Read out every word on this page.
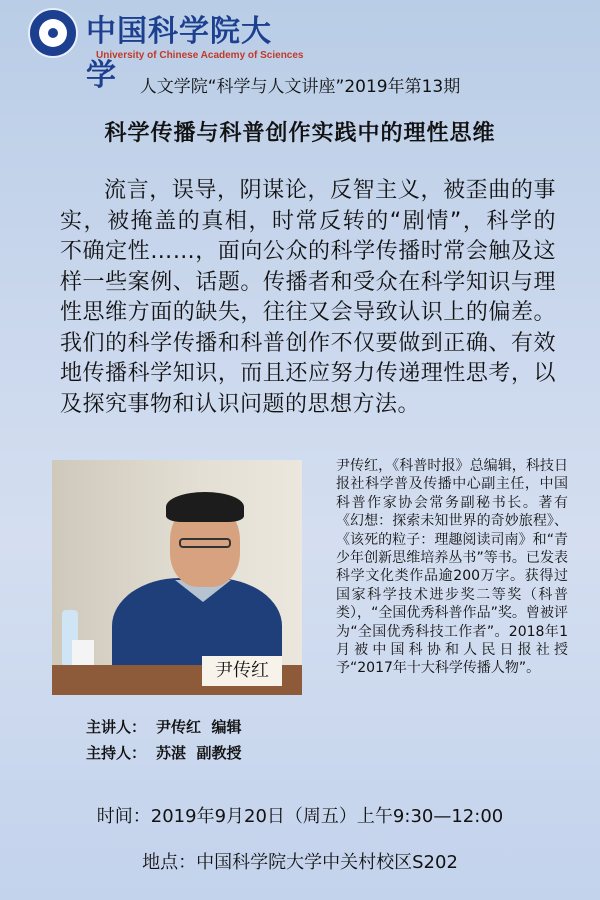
中国科学院大学
University of Chinese Academy of Sciences
人文学院“科学与人文讲座”2019年第13期
科学传播与科普创作实践中的理性思维
流言，误导，阴谋论，反智主义，被歪曲的事实，被掩盖的真相，时常反转的“剧情”，科学的不确定性……，面向公众的科学传播时常会触及这样一些案例、话题。传播者和受众在科学知识与理性思维方面的缺失，往往又会导致认识上的偏差。我们的科学传播和科普创作不仅要做到正确、有效地传播科学知识，而且还应努力传递理性思考，以及探究事物和认识问题的思想方法。
尹传红
尹传红，《科普时报》总编辑，科技日报社科学普及传播中心副主任，中国科普作家协会常务副秘书长。著有《幻想：探索未知世界的奇妙旅程》、《该死的粒子：理趣阅读司南》和“青少年创新思维培养丛书”等书。已发表科学文化类作品逾200万字。获得过国家科学技术进步奖二等奖（科普类），“全国优秀科普作品”奖。曾被评为“全国优秀科技工作者”。2018年1月被中国科协和人民日报社授予“2017年十大科学传播人物”。
主讲人： 尹传红 编辑
主持人： 苏湛 副教授
时间：2019年9月20日（周五）上午9:30—12:00
地点：中国科学院大学中关村校区S202
